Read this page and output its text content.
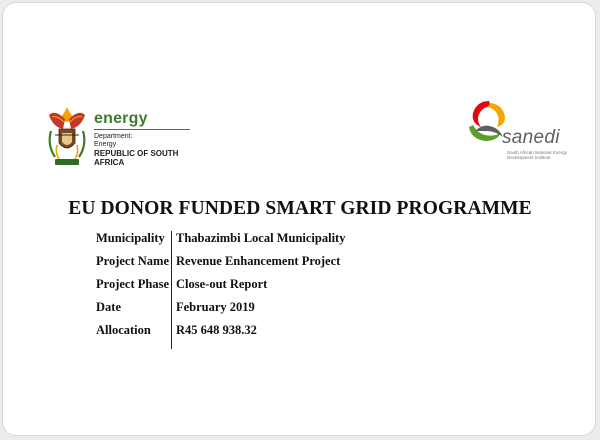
energy
Department:
Energy
REPUBLIC OF SOUTH AFRICA
sanedi
South African National Energy Development Institute
EU DONOR FUNDED SMART GRID PROGRAMME
Municipality Thabazimbi Local Municipality
Project Name Revenue Enhancement Project
Project Phase Close-out Report
Date	February 2019
Allocation R45 648 938.32
